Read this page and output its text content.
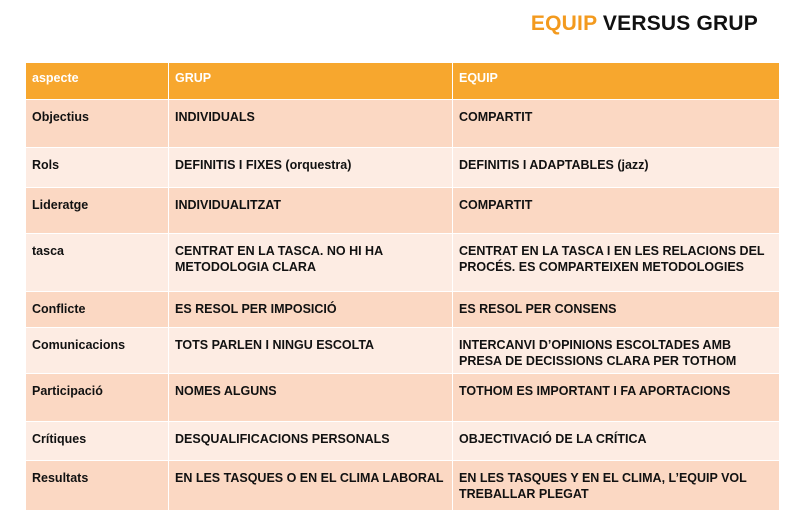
EQUIP VERSUS GRUP
aspecte	GRUP	EQUIP
Objectius	INDIVIDUALS	COMPARTIT
Rols	DEFINITIS I FIXES (orquestra)	DEFINITIS I ADAPTABLES (jazz)
Lideratge	INDIVIDUALITZAT	COMPARTIT
tasca	CENTRAT EN LA TASCA. NO HI HA METODOLOGIA CLARA	CENTRAT EN LA TASCA I EN LES RELACIONS DEL PROCÉS. ES COMPARTEIXEN METODOLOGIES
Conflicte	ES RESOL PER IMPOSICIÓ	ES RESOL PER CONSENS
Comunicacions	TOTS PARLEN I NINGU ESCOLTA	INTERCANVI D’OPINIONS ESCOLTADES AMB PRESA DE DECISSIONS CLARA PER TOTHOM
Participació	NOMES ALGUNS	TOTHOM ES IMPORTANT I FA APORTACIONS
Crítiques	DESQUALIFICACIONS PERSONALS	OBJECTIVACIÓ DE LA CRÍTICA
Resultats	EN LES TASQUES O EN EL CLIMA LABORAL	EN LES TASQUES Y EN EL CLIMA, L’EQUIP VOL TREBALLAR PLEGAT
